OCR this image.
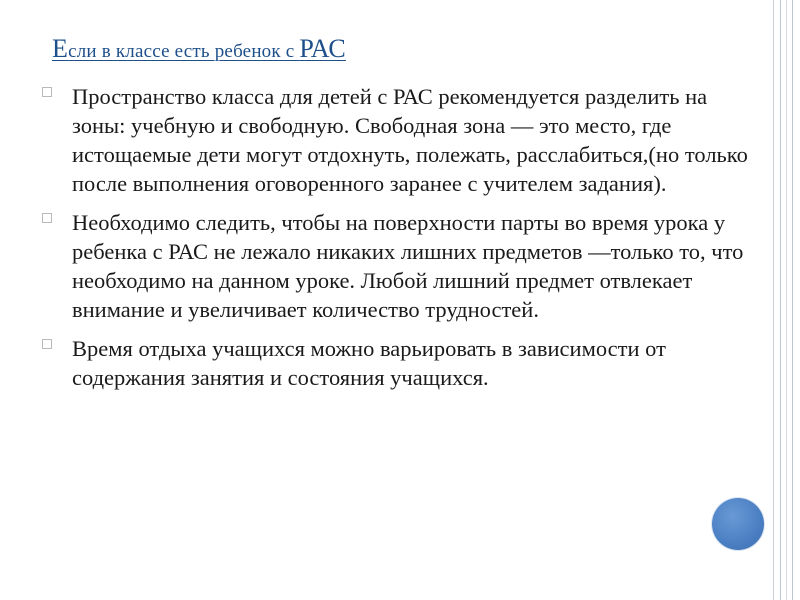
Если в классе есть ребенок с РАС
Пространство класса для детей с РАС рекомендуется разделить на зоны: учебную и свободную. Свободная зона — это место, где истощаемые дети могут отдохнуть, полежать, расслабиться,(но только после выполнения оговоренного заранее с учителем задания).
Необходимо следить, чтобы на поверхности парты во время урока у ребенка с РАС не лежало никаких лишних предметов —только то, что необходимо на данном уроке. Любой лишний предмет отвлекает внимание и увеличивает количество трудностей.
Время отдыха учащихся можно варьировать в зависимости от содержания занятия и состояния учащихся.
